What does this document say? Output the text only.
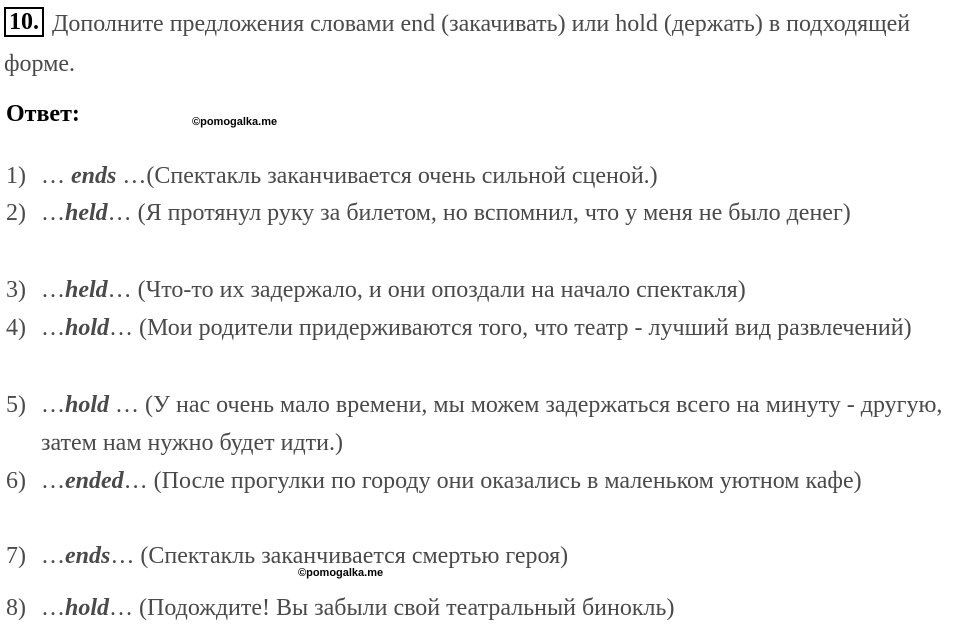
10. Дополните предложения словами end (закачивать) или hold (держать) в подходящей форме.
Ответ:	©pomogalka.me
1) … ends …(Спектакль заканчивается очень сильной сценой.)
2) …held… (Я протянул руку за билетом, но вспомнил, что у меня не было денег)
3) …held… (Что-то их задержало, и они опоздали на начало спектакля)
4) …hold… (Мои родители придерживаются того, что театр - лучший вид развлечений)
5) …hold … (У нас очень мало времени, мы можем задержаться всего на минуту - другую, затем нам нужно будет идти.)
6) …ended… (После прогулки по городу они оказались в маленьком уютном кафе)
7) …ends… (Спектакль заканчивается смертью героя)
8) …hold… (Подождите! Вы забыли свой театральный бинокль)
©pomogalka.me
